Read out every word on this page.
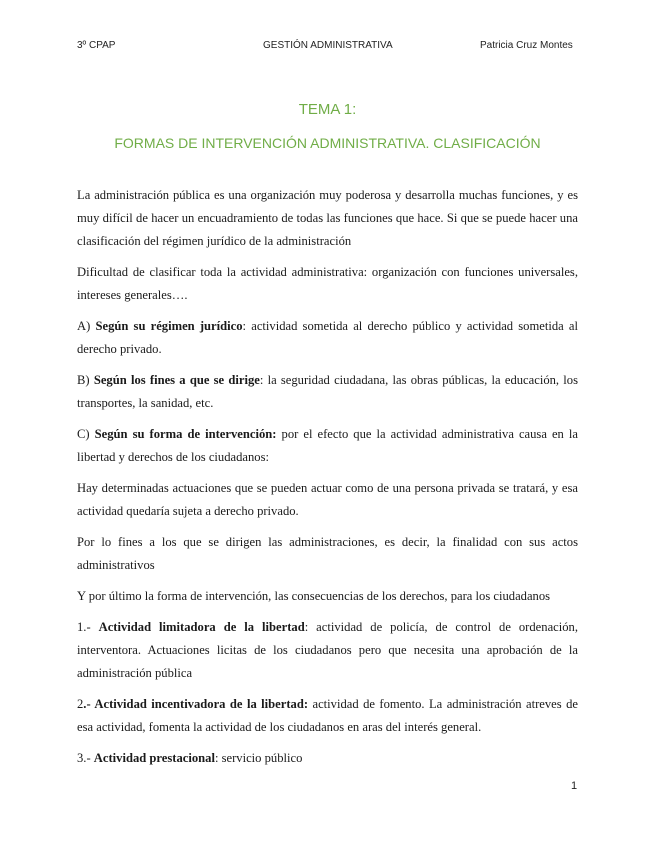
3º CPAP	GESTIÓN ADMINISTRATIVA	Patricia Cruz Montes
TEMA 1:
FORMAS DE INTERVENCIÓN ADMINISTRATIVA. CLASIFICACIÓN

La administración pública es una organización muy poderosa y desarrolla muchas funciones, y es muy difícil de hacer un encuadramiento de todas las funciones que hace. Si que se puede hacer una clasificación del régimen jurídico de la administración

Dificultad de clasificar toda la actividad administrativa: organización con funciones universales, intereses generales….

A) Según su régimen jurídico: actividad sometida al derecho público y actividad sometida al derecho privado.

B) Según los fines a que se dirige: la seguridad ciudadana, las obras públicas, la educación, los transportes, la sanidad, etc.

C) Según su forma de intervención: por el efecto que la actividad administrativa causa en la libertad y derechos de los ciudadanos:

Hay determinadas actuaciones que se pueden actuar como de una persona privada se tratará, y esa actividad quedaría sujeta a derecho privado.

Por lo fines a los que se dirigen las administraciones, es decir, la finalidad con sus actos administrativos

Y por último la forma de intervención, las consecuencias de los derechos, para los ciudadanos

1.- Actividad limitadora de la libertad: actividad de policía, de control de ordenación, interventora. Actuaciones licitas de los ciudadanos pero que necesita una aprobación de la administración pública

2.- Actividad incentivadora de la libertad: actividad de fomento. La administración atreves de esa actividad, fomenta la actividad de los ciudadanos en aras del interés general.

3.- Actividad prestacional: servicio público

1
